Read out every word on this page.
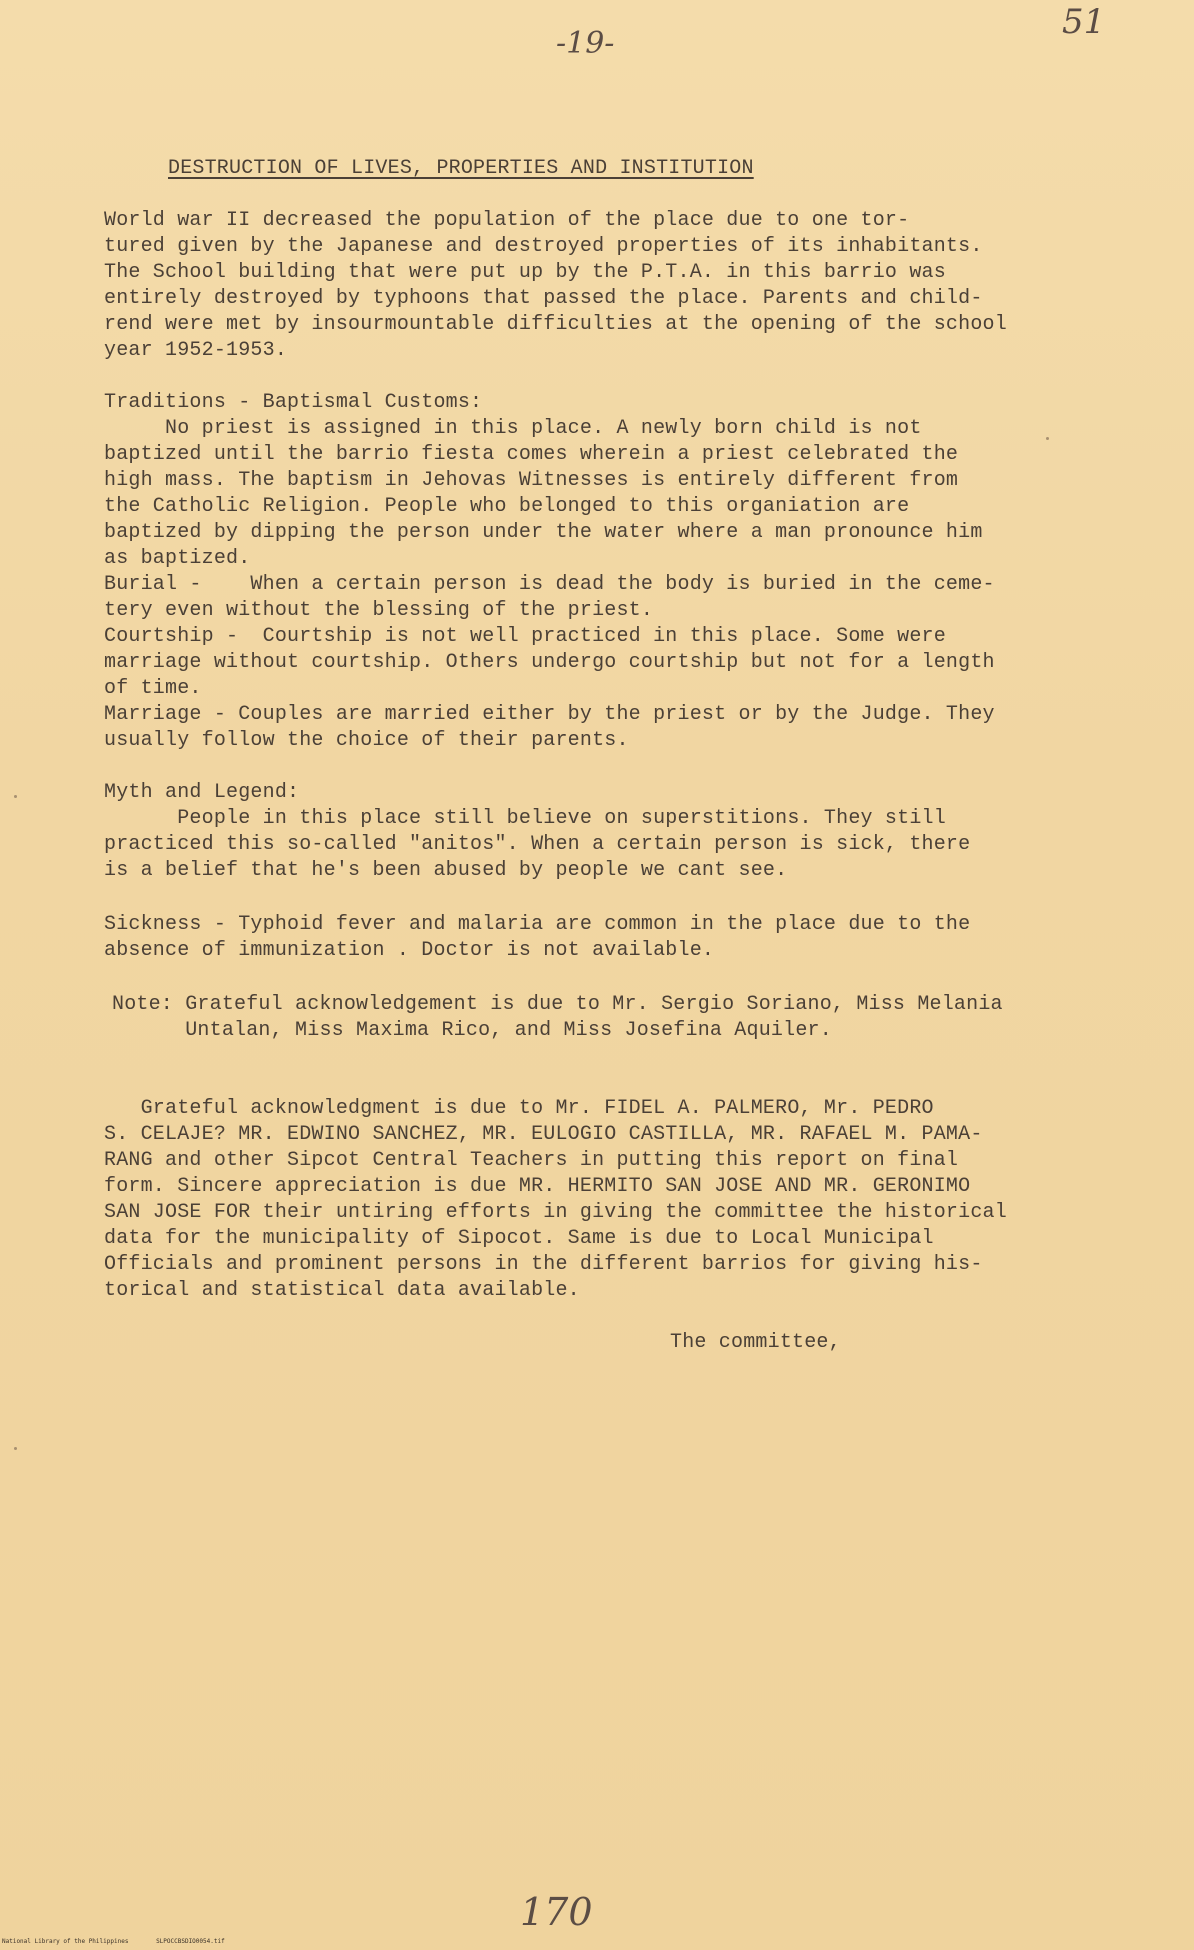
-19-
51
DESTRUCTION OF LIVES, PROPERTIES AND INSTITUTION
World war II decreased the population of the place due to one tor-
tured given by the Japanese and destroyed properties of its inhabitants.
The School building that were put up by the P.T.A. in this barrio was
entirely destroyed by typhoons that passed the place. Parents and child-
rend were met by insourmountable difficulties at the opening of the school
year 1952-1953.
Traditions - Baptismal Customs:
No priest is assigned in this place. A newly born child is not
baptized until the barrio fiesta comes wherein a priest celebrated the
high mass. The baptism in Jehovas Witnesses is entirely different from
the Catholic Religion. People who belonged to this organiation are
baptized by dipping the person under the water where a man pronounce him
as baptized.
Burial -    When a certain person is dead the body is buried in the ceme-
tery even without the blessing of the priest.
Courtship -  Courtship is not well practiced in this place. Some were
marriage without courtship. Others undergo courtship but not for a length
of time.
Marriage - Couples are married either by the priest or by the Judge. They
usually follow the choice of their parents.
Myth and Legend:
People in this place still believe on superstitions. They still
practiced this so-called "anitos". When a certain person is sick, there
is a belief that he's been abused by people we cant see.
Sickness - Typhoid fever and malaria are common in the place due to the
absence of immunization . Doctor is not available.
Note: Grateful acknowledgement is due to Mr. Sergio Soriano, Miss Melania
Untalan, Miss Maxima Rico, and Miss Josefina Aquiler.
Grateful acknowledgment is due to Mr. FIDEL A. PALMERO, Mr. PEDRO
S. CELAJE? MR. EDWINO SANCHEZ, MR. EULOGIO CASTILLA, MR. RAFAEL M. PAMA-
RANG and other Sipcot Central Teachers in putting this report on final
form. Sincere appreciation is due MR. HERMITO SAN JOSE AND MR. GERONIMO
SAN JOSE FOR their untiring efforts in giving the committee the historical
data for the municipality of Sipocot. Same is due to Local Municipal
Officials and prominent persons in the different barrios for giving his-
torical and statistical data available.
The committee,
170
National Library of the Philippines	SLPOCCBSDIO0054.tif
